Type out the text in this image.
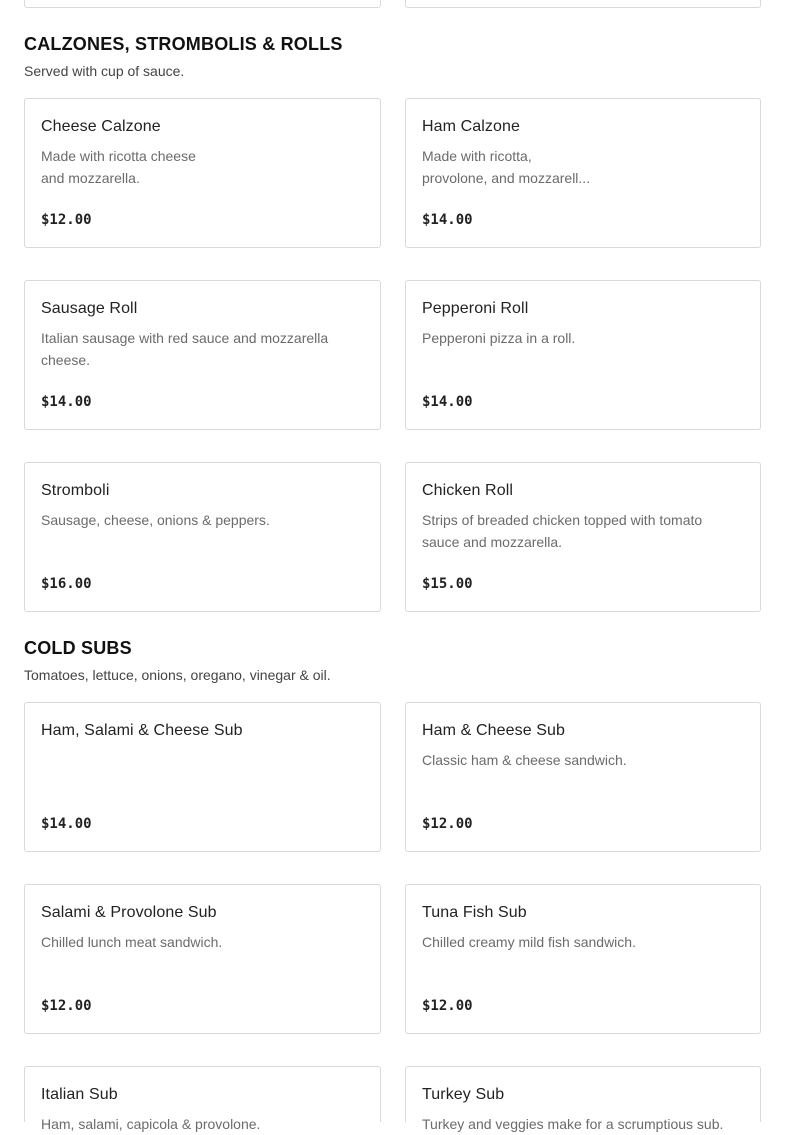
CALZONES, STROMBOLIS & ROLLS
Served with cup of sauce.
Cheese Calzone
Made with ricotta cheese
and mozzarella.
$12.00
Ham Calzone
Made with ricotta,
provolone, and mozzarell...
$14.00
Sausage Roll
Italian sausage with red sauce and mozzarella
cheese.
$14.00
Pepperoni Roll
Pepperoni pizza in a roll.
$14.00
Stromboli
Sausage, cheese, onions & peppers.
$16.00
Chicken Roll
Strips of breaded chicken topped with tomato
sauce and mozzarella.
$15.00
COLD SUBS
Tomatoes, lettuce, onions, oregano, vinegar & oil.
Ham, Salami & Cheese Sub
$14.00
Ham & Cheese Sub
Classic ham & cheese sandwich.
$12.00
Salami & Provolone Sub
Chilled lunch meat sandwich.
$12.00
Tuna Fish Sub
Chilled creamy mild fish sandwich.
$12.00
Italian Sub
Ham, salami, capicola & provolone.
Turkey Sub
Turkey and veggies make for a scrumptious sub.
